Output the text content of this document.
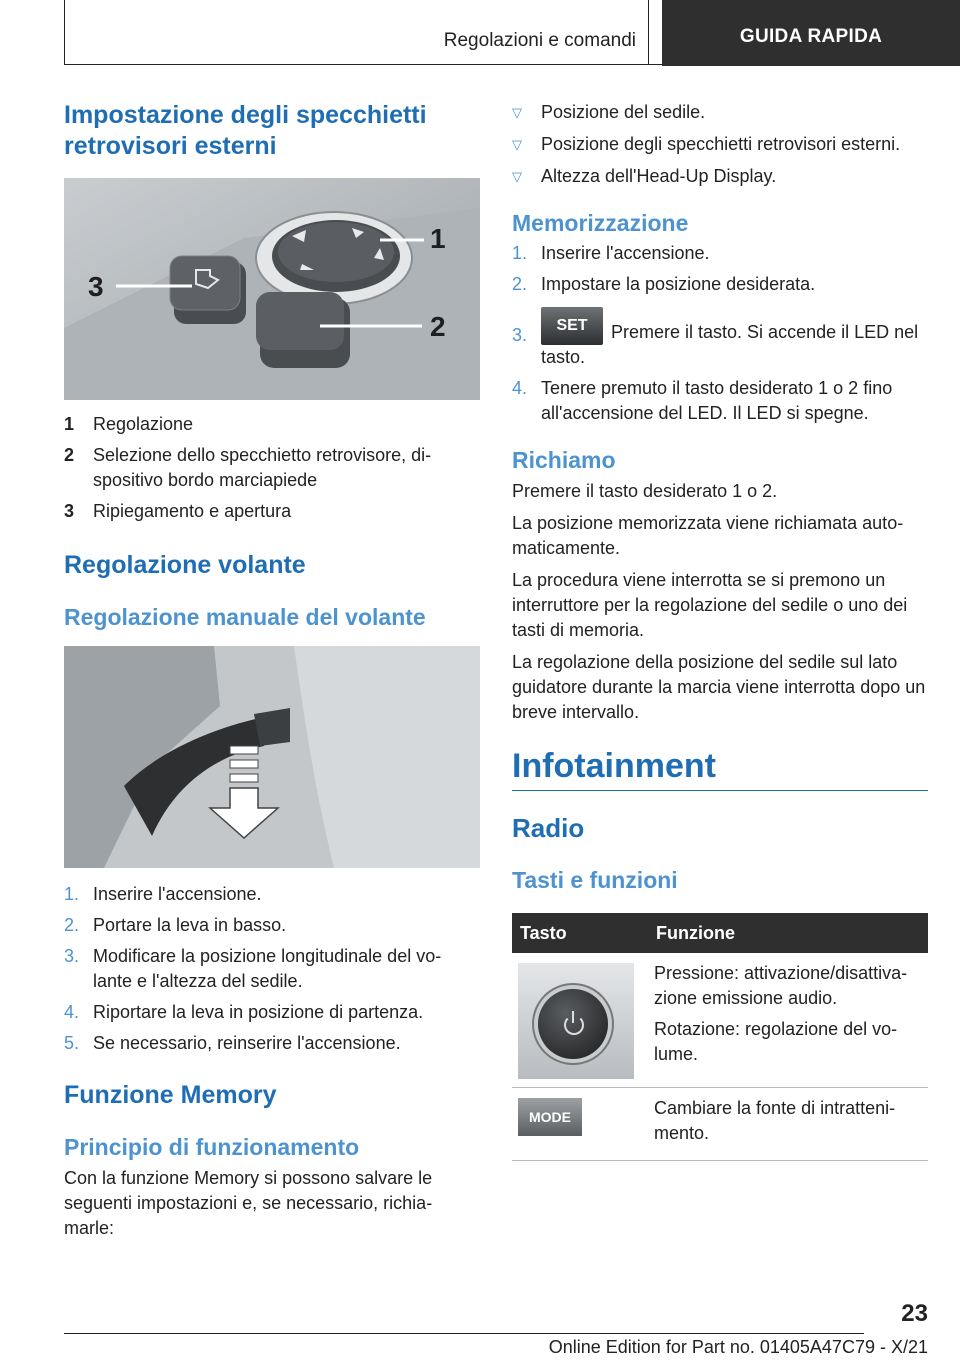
Regolazioni e comandi	GUIDA RAPIDA
Impostazione degli specchietti retrovisori esterni
1
2
3
1 Regolazione
2 Selezione dello specchietto retrovisore, di-spositivo bordo marciapiede
3 Ripiegamento e apertura
Regolazione volante
Regolazione manuale del volante
1. Inserire l'accensione.
2. Portare la leva in basso.
3. Modificare la posizione longitudinale del vo-lante e l'altezza del sedile.
4. Riportare la leva in posizione di partenza.
5. Se necessario, reinserire l'accensione.
Funzione Memory
Principio di funzionamento

Con la funzione Memory si possono salvare le seguenti impostazioni e, se necessario, richia-marle:

▽ Posizione del sedile.
▽ Posizione degli specchietti retrovisori esterni.
▽ Altezza dell'Head-Up Display.
Memorizzazione
1. Inserire l'accensione.
2. Impostare la posizione desiderata.
3. SET Premere il tasto. Si accende il LED nel tasto.
4. Tenere premuto il tasto desiderato 1 o 2 fino all'accensione del LED. Il LED si spegne.
Richiamo

Premere il tasto desiderato 1 o 2.

La posizione memorizzata viene richiamata auto-maticamente.

La procedura viene interrotta se si premono un interruttore per la regolazione del sedile o uno dei tasti di memoria.

La regolazione della posizione del sedile sul lato guidatore durante la marcia viene interrotta dopo un breve intervallo.

Infotainment
Radio
Tasti e funzioni
Tasto	Funzione

	Pressione: attivazione/disattiva-zione emissione audio.

Rotazione: regolazione del vo-lume.

MODE	Cambiare la fonte di intratteni-mento.

23
Online Edition for Part no. 01405A47C79 - X/21
